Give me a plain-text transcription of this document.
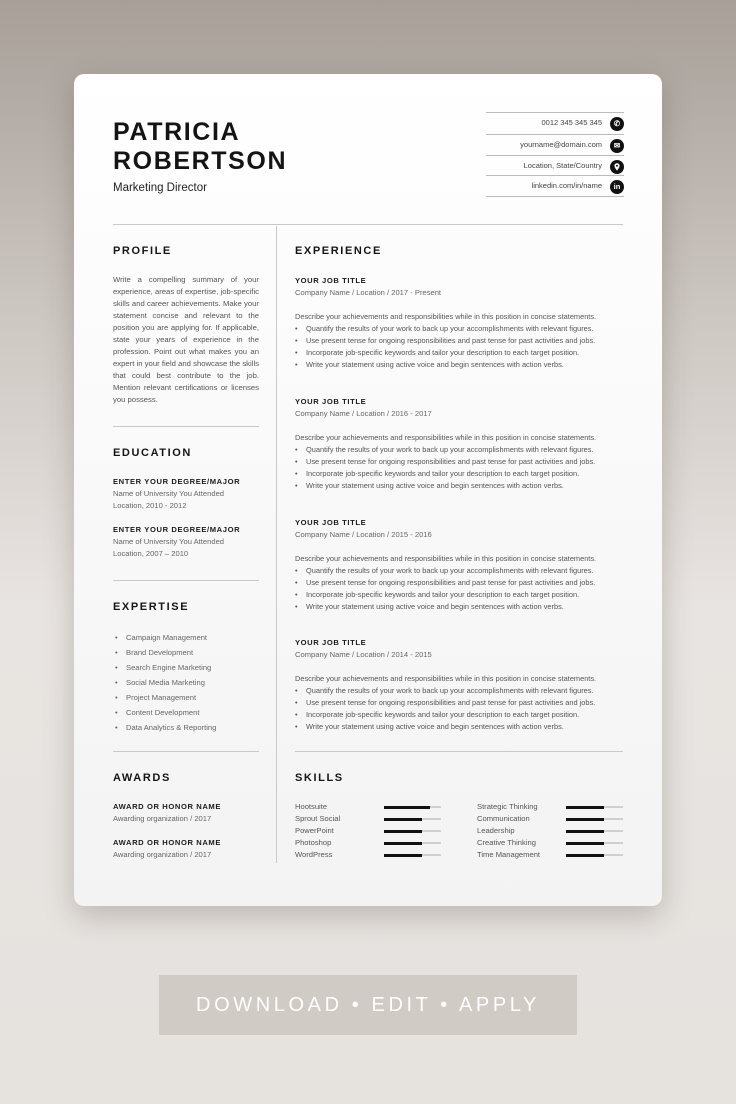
PATRICIA
ROBERTSON
Marketing Director
0012 345 345 345	✆
yourname@domain.com	✉
Location, State/Country
linkedin.com/in/name	in
PROFILE
Write a compelling summary of your experience, areas of expertise, job-specific skills and career achievements. Make your statement concise and relevant to the position you are applying for. If applicable, state your years of experience in the profession. Point out what makes you an expert in your field and showcase the skills that could best contribute to the job. Mention relevant certifications or licenses you possess.
EDUCATION
ENTER YOUR DEGREE/MAJOR
Name of University You Attended
Location, 2010 - 2012
ENTER YOUR DEGREE/MAJOR
Name of University You Attended
Location, 2007 – 2010
EXPERTISE
• Campaign Management
• Brand Development
• Search Engine Marketing
• Social Media Marketing
• Project Management
• Content Development
• Data Analytics & Reporting
AWARDS
AWARD OR HONOR NAME
Awarding organization / 2017
AWARD OR HONOR NAME
Awarding organization / 2017
EXPERIENCE
YOUR JOB TITLE
Company Name / Location / 2017 - Present
Describe your achievements and responsibilities while in this position in concise statements.
• Quantify the results of your work to back up your accomplishments with relevant figures.
• Use present tense for ongoing responsibilities and past tense for past activities and jobs.
• Incorporate job-specific keywords and tailor your description to each target position.
• Write your statement using active voice and begin sentences with action verbs.
YOUR JOB TITLE
Company Name / Location / 2016 - 2017
Describe your achievements and responsibilities while in this position in concise statements.
• Quantify the results of your work to back up your accomplishments with relevant figures.
• Use present tense for ongoing responsibilities and past tense for past activities and jobs.
• Incorporate job-specific keywords and tailor your description to each target position.
• Write your statement using active voice and begin sentences with action verbs.
YOUR JOB TITLE
Company Name / Location / 2015 - 2016
Describe your achievements and responsibilities while in this position in concise statements.
• Quantify the results of your work to back up your accomplishments with relevant figures.
• Use present tense for ongoing responsibilities and past tense for past activities and jobs.
• Incorporate job-specific keywords and tailor your description to each target position.
• Write your statement using active voice and begin sentences with action verbs.
YOUR JOB TITLE
Company Name / Location / 2014 - 2015
Describe your achievements and responsibilities while in this position in concise statements.
• Quantify the results of your work to back up your accomplishments with relevant figures.
• Use present tense for ongoing responsibilities and past tense for past activities and jobs.
• Incorporate job-specific keywords and tailor your description to each target position.
• Write your statement using active voice and begin sentences with action verbs.
SKILLS
Hootsuite
Sprout Social
PowerPoint
Photoshop
WordPress
Strategic Thinking
Communication
Leadership
Creative Thinking
Time Management
DOWNLOAD • EDIT • APPLY
